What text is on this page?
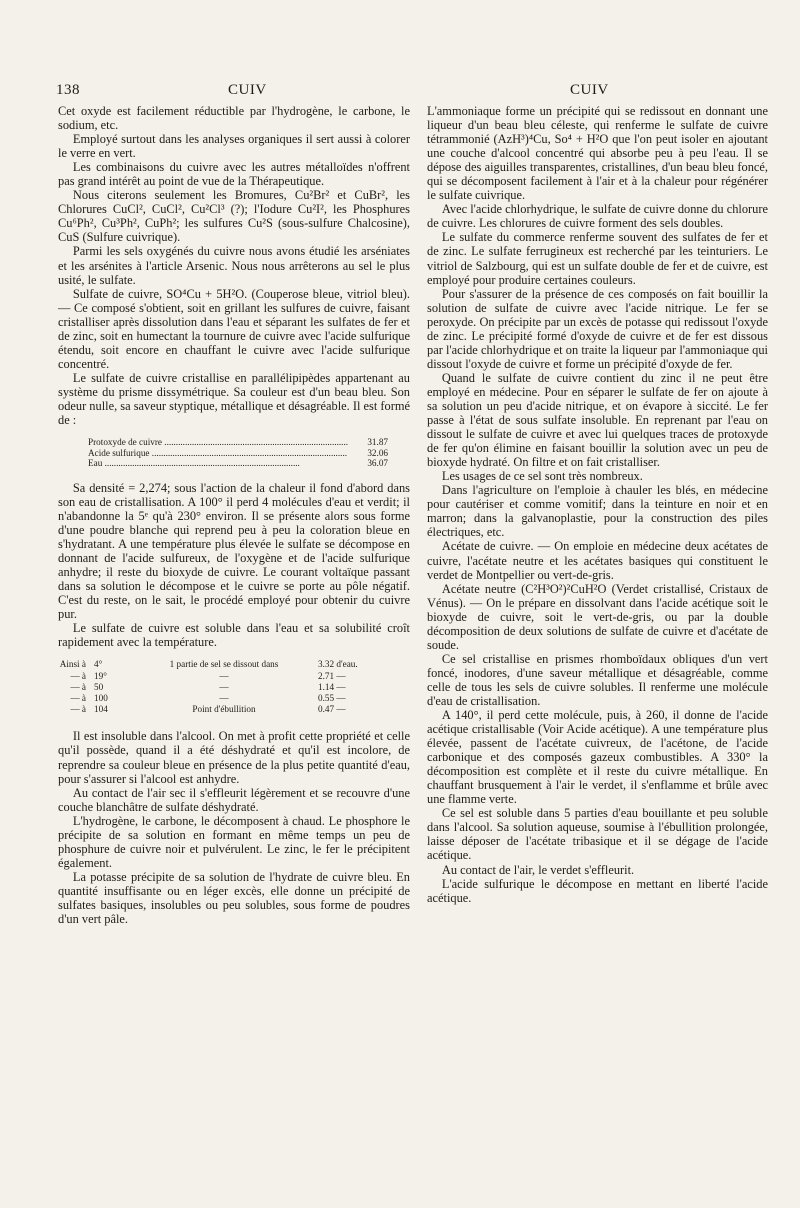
138	CUIV	CUIV

Cet oxyde est facilement réductible par l'hydrogène, le carbone, le sodium, etc.

Employé surtout dans les analyses organiques il sert aussi à colorer le verre en vert.

Les combinaisons du cuivre avec les autres métalloïdes n'offrent pas grand intérêt au point de vue de la Thérapeutique.

Nous citerons seulement les Bromures, Cu²Br² et CuBr², les Chlorures CuCl², CuCl², Cu²Cl³ (?); l'Iodure Cu²I², les Phosphures Cu⁶Ph², Cu³Ph², CuPh²; les sulfures Cu²S (sous-sulfure Chalcosine), CuS (Sulfure cuivrique).

Parmi les sels oxygénés du cuivre nous avons étudié les arséniates et les arsénites à l'article Arsenic. Nous nous arrêterons au sel le plus usité, le sulfate.

Sulfate de cuivre, SO⁴Cu + 5H²O. (Couperose bleue, vitriol bleu). — Ce composé s'obtient, soit en grillant les sulfures de cuivre, faisant cristalliser après dissolution dans l'eau et séparant les sulfates de fer et de zinc, soit en humectant la tournure de cuivre avec l'acide sulfurique étendu, soit encore en chauffant le cuivre avec l'acide sulfurique concentré.

Le sulfate de cuivre cristallise en parallélipipèdes appartenant au système du prisme dissymétrique. Sa couleur est d'un beau bleu. Son odeur nulle, sa saveur styptique, métallique et désagréable. Il est formé de :

Protoxyde de cuivre .....	31.87
Acide sulfurique .....	32.06
Eau .....	36.07

Sa densité = 2,274; sous l'action de la chaleur il fond d'abord dans son eau de cristallisation. A 100° il perd 4 molécules d'eau et verdit; il n'abandonne la 5ᵉ qu'à 230° environ. Il se présente alors sous forme d'une poudre blanche qui reprend peu à peu la coloration bleue en s'hydratant. A une température plus élevée le sulfate se décompose en donnant de l'acide sulfureux, de l'oxygène et de l'acide sulfurique anhydre; il reste du bioxyde de cuivre. Le courant voltaïque passant dans sa solution le décompose et le cuivre se porte au pôle négatif. C'est du reste, on le sait, le procédé employé pour obtenir du cuivre pur.

Le sulfate de cuivre est soluble dans l'eau et sa solubilité croît rapidement avec la température.

Ainsi à 4°	1 partie de sel se dissout dans	3.32 d'eau.
— à 19°	—	2.71 —
— à 50	—	1.14 —
— à 100	—	0.55 —
— à 104	Point d'ébullition	0.47 —

Il est insoluble dans l'alcool. On met à profit cette propriété et celle qu'il possède, quand il a été déshydraté et qu'il est incolore, de reprendre sa couleur bleue en présence de la plus petite quantité d'eau, pour s'assurer si l'alcool est anhydre.

Au contact de l'air sec il s'effleurit légèrement et se recouvre d'une couche blanchâtre de sulfate déshydraté.

L'hydrogène, le carbone, le décomposent à chaud. Le phosphore le précipite de sa solution en formant en même temps un peu de phosphure de cuivre noir et pulvérulent. Le zinc, le fer le précipitent également.

La potasse précipite de sa solution de l'hydrate de cuivre bleu. En quantité insuffisante ou en léger excès, elle donne un précipité de sulfates basiques, insolubles ou peu solubles, sous forme de poudres d'un vert pâle.

L'ammoniaque forme un précipité qui se redissout en donnant une liqueur d'un beau bleu céleste, qui renferme le sulfate de cuivre tétrammonié (AzH³)⁴Cu, So⁴ + H²O que l'on peut isoler en ajoutant une couche d'alcool concentré qui absorbe peu à peu l'eau. Il se dépose des aiguilles transparentes, cristallines, d'un beau bleu foncé, qui se décomposent facilement à l'air et à la chaleur pour régénérer le sulfate cuivrique.

Avec l'acide chlorhydrique, le sulfate de cuivre donne du chlorure de cuivre. Les chlorures de cuivre forment des sels doubles.

Le sulfate du commerce renferme souvent des sulfates de fer et de zinc. Le sulfate ferrugineux est recherché par les teinturiers. Le vitriol de Salzbourg, qui est un sulfate double de fer et de cuivre, est employé pour produire certaines couleurs.

Pour s'assurer de la présence de ces composés on fait bouillir la solution de sulfate de cuivre avec l'acide nitrique. Le fer se peroxyde. On précipite par un excès de potasse qui redissout l'oxyde de zinc. Le précipité formé d'oxyde de cuivre et de fer est dissous par l'acide chlorhydrique et on traite la liqueur par l'ammoniaque qui dissout l'oxyde de cuivre et forme un précipité d'oxyde de fer.

Quand le sulfate de cuivre contient du zinc il ne peut être employé en médecine. Pour en séparer le sulfate de fer on ajoute à sa solution un peu d'acide nitrique, et on évapore à siccité. Le fer passe à l'état de sous sulfate insoluble. En reprenant par l'eau on dissout le sulfate de cuivre et avec lui quelques traces de protoxyde de fer qu'on élimine en faisant bouillir la solution avec un peu de bioxyde hydraté. On filtre et on fait cristalliser.

Les usages de ce sel sont très nombreux.

Dans l'agriculture on l'emploie à chauler les blés, en médecine pour cautériser et comme vomitif; dans la teinture en noir et en marron; dans la galvanoplastie, pour la construction des piles électriques, etc.

Acétate de cuivre. — On emploie en médecine deux acétates de cuivre, l'acétate neutre et les acétates basiques qui constituent le verdet de Montpellier ou vert-de-gris.

Acétate neutre (C²H³O²)²CuH²O (Verdet cristallisé, Cristaux de Vénus). — On le prépare en dissolvant dans l'acide acétique soit le bioxyde de cuivre, soit le vert-de-gris, ou par la double décomposition de deux solutions de sulfate de cuivre et d'acétate de soude.

Ce sel cristallise en prismes rhomboïdaux obliques d'un vert foncé, inodores, d'une saveur métallique et désagréable, comme celle de tous les sels de cuivre solubles. Il renferme une molécule d'eau de cristallisation.

A 140°, il perd cette molécule, puis, à 260, il donne de l'acide acétique cristallisable (Voir Acide acétique). A une température plus élevée, passent de l'acétate cuivreux, de l'acétone, de l'acide carbonique et des composés gazeux combustibles. A 330° la décomposition est complète et il reste du cuivre métallique. En chauffant brusquement à l'air le verdet, il s'enflamme et brûle avec une flamme verte.

Ce sel est soluble dans 5 parties d'eau bouillante et peu soluble dans l'alcool. Sa solution aqueuse, soumise à l'ébullition prolongée, laisse déposer de l'acétate tribasique et il se dégage de l'acide acétique.

Au contact de l'air, le verdet s'effleurit.

L'acide sulfurique le décompose en mettant en liberté l'acide acétique.
